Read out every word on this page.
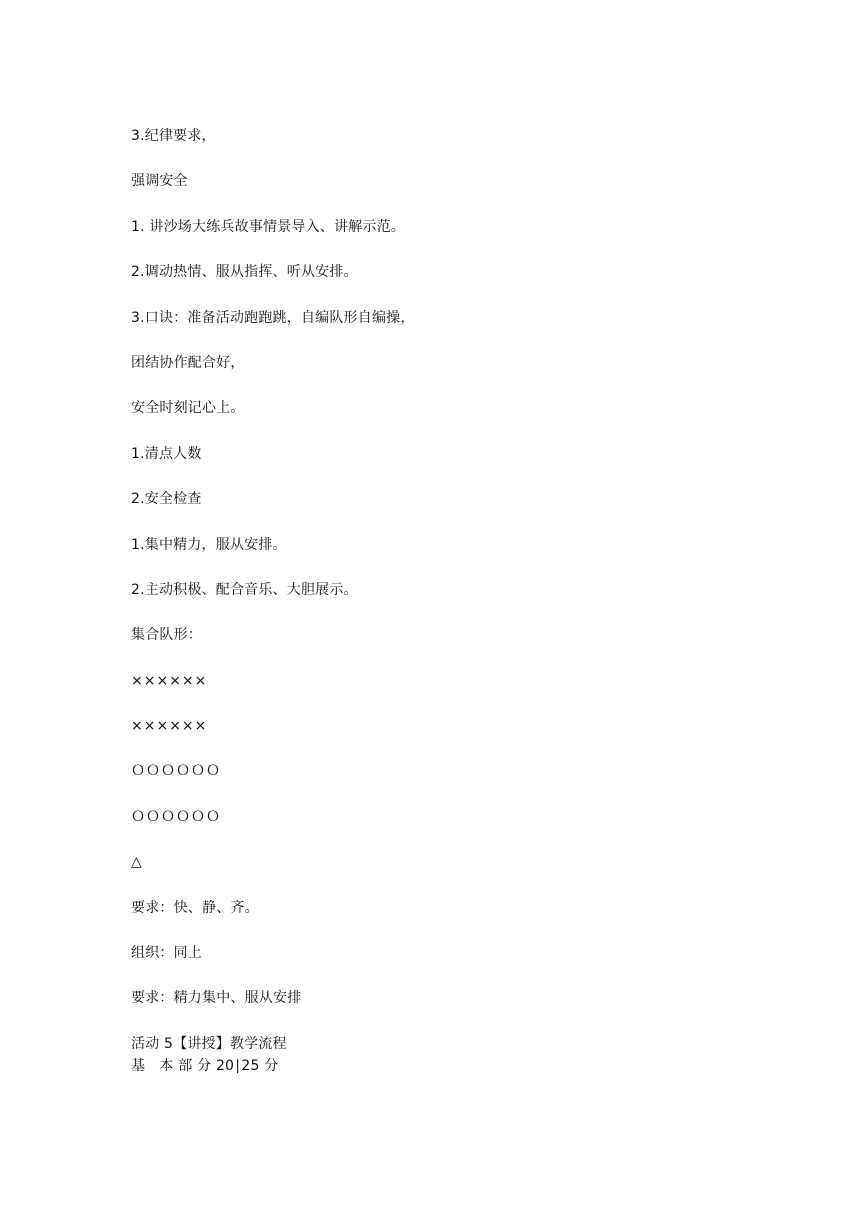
3.纪律要求，
强调安全
1. 讲沙场大练兵故事情景导入、讲解示范。
2.调动热情、服从指挥、听从安排。
3.口诀：准备活动跑跑跳，自编队形自编操，
团结协作配合好，
安全时刻记心上。
1.清点人数
2.安全检查
1.集中精力，服从安排。
2.主动积极、配合音乐、大胆展示。
集合队形：
××××××
××××××
ＯＯＯＯＯＯ
ＯＯＯＯＯＯ
△
要求：快、静、齐。
组织：同上
要求：精力集中、服从安排
活动 5【讲授】教学流程
基　本 部 分 20∣25 分
